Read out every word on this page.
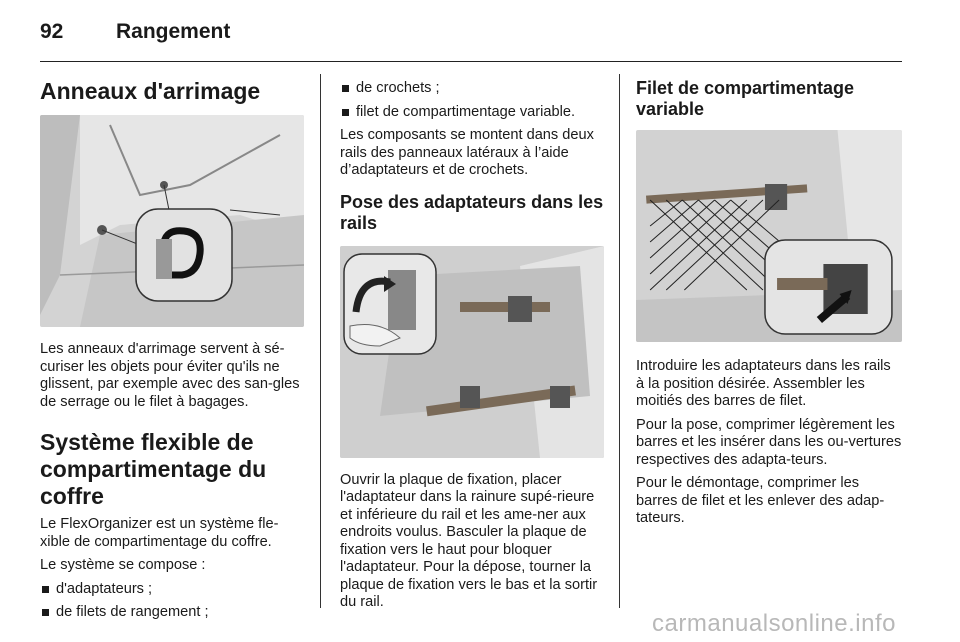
92	Rangement
Anneaux d'arrimage

Les anneaux d'arrimage servent à sé-curiser les objets pour éviter qu'ils ne glissent, par exemple avec des san-gles de serrage ou le filet à bagages.

Système flexible de compartimentage du coffre

Le FlexOrganizer est un système fle-xible de compartimentage du coffre.

Le système se compose :

d'adaptateurs ;
de filets de rangement ;
de crochets ;
filet de compartimentage variable.

Les composants se montent dans deux rails des panneaux latéraux à l’aide d’adaptateurs et de crochets.

Pose des adaptateurs dans les rails

Ouvrir la plaque de fixation, placer l'adaptateur dans la rainure supé-rieure et inférieure du rail et les ame-ner aux endroits voulus. Basculer la plaque de fixation vers le haut pour bloquer l'adaptateur. Pour la dépose, tourner la plaque de fixation vers le bas et la sortir du rail.

Filet de compartimentage variable

Introduire les adaptateurs dans les rails à la position désirée. Assembler les moitiés des barres de filet.

Pour la pose, comprimer légèrement les barres et les insérer dans les ou-vertures respectives des adapta-teurs.

Pour le démontage, comprimer les barres de filet et les enlever des adap-tateurs.

carmanualsonline.info
